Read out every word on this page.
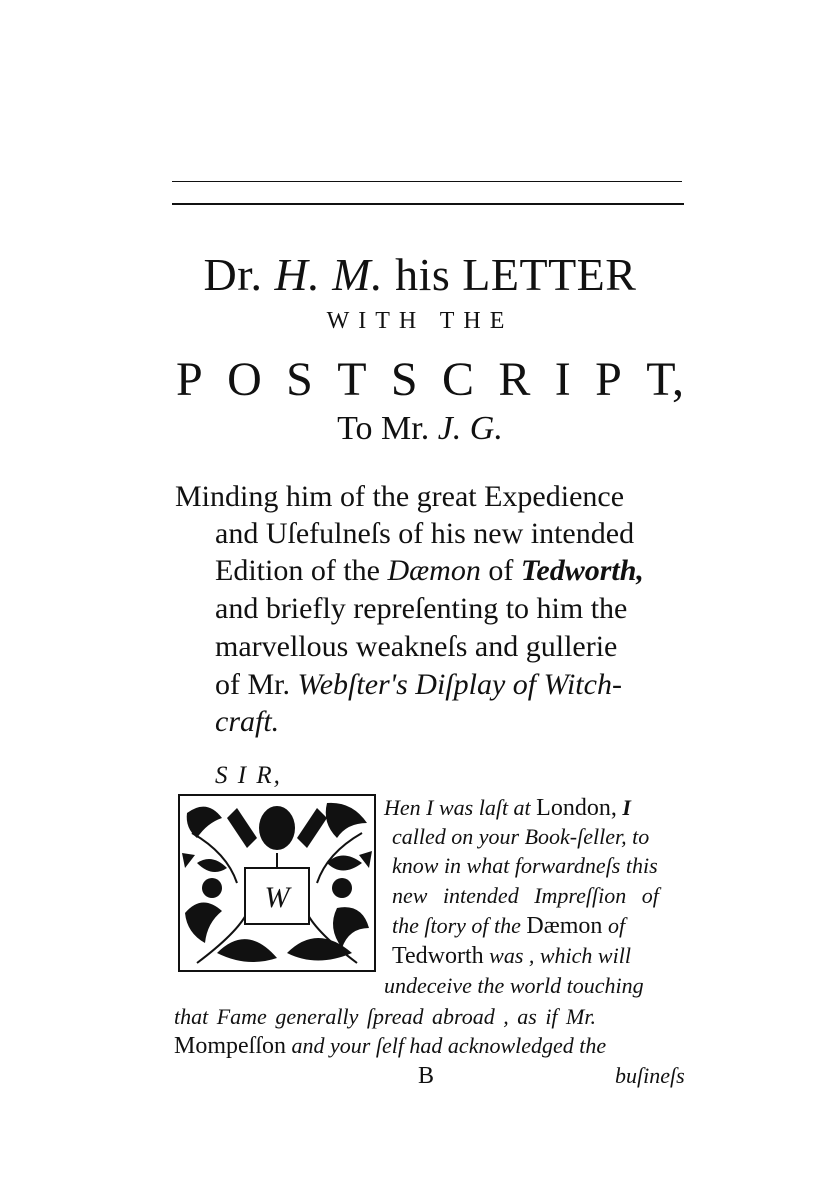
Dr. H. M. his LETTER
WITH THE
P O S T S C R I P T,
To Mr. J. G.
Minding him of the great Expedience
and Uſefulneſs of his new intended
Edition of the Dæmon of Tedworth,
and briefly repreſenting to him the
marvellous weakneſs and gullerie
of Mr. Webſter's Diſplay of Witch-
craft.
S I R,
W
Hen I was laſt at London, I
called on your Book-ſeller, to
know in what forwardneſs this
new intended Impreſſion of
the ſtory of the Dæmon of
Tedworth was , which will
undeceive the world touching
that Fame generally ſpread abroad , as if Mr.
Mompeſſon and your ſelf had acknowledged the
B	buſineſs
